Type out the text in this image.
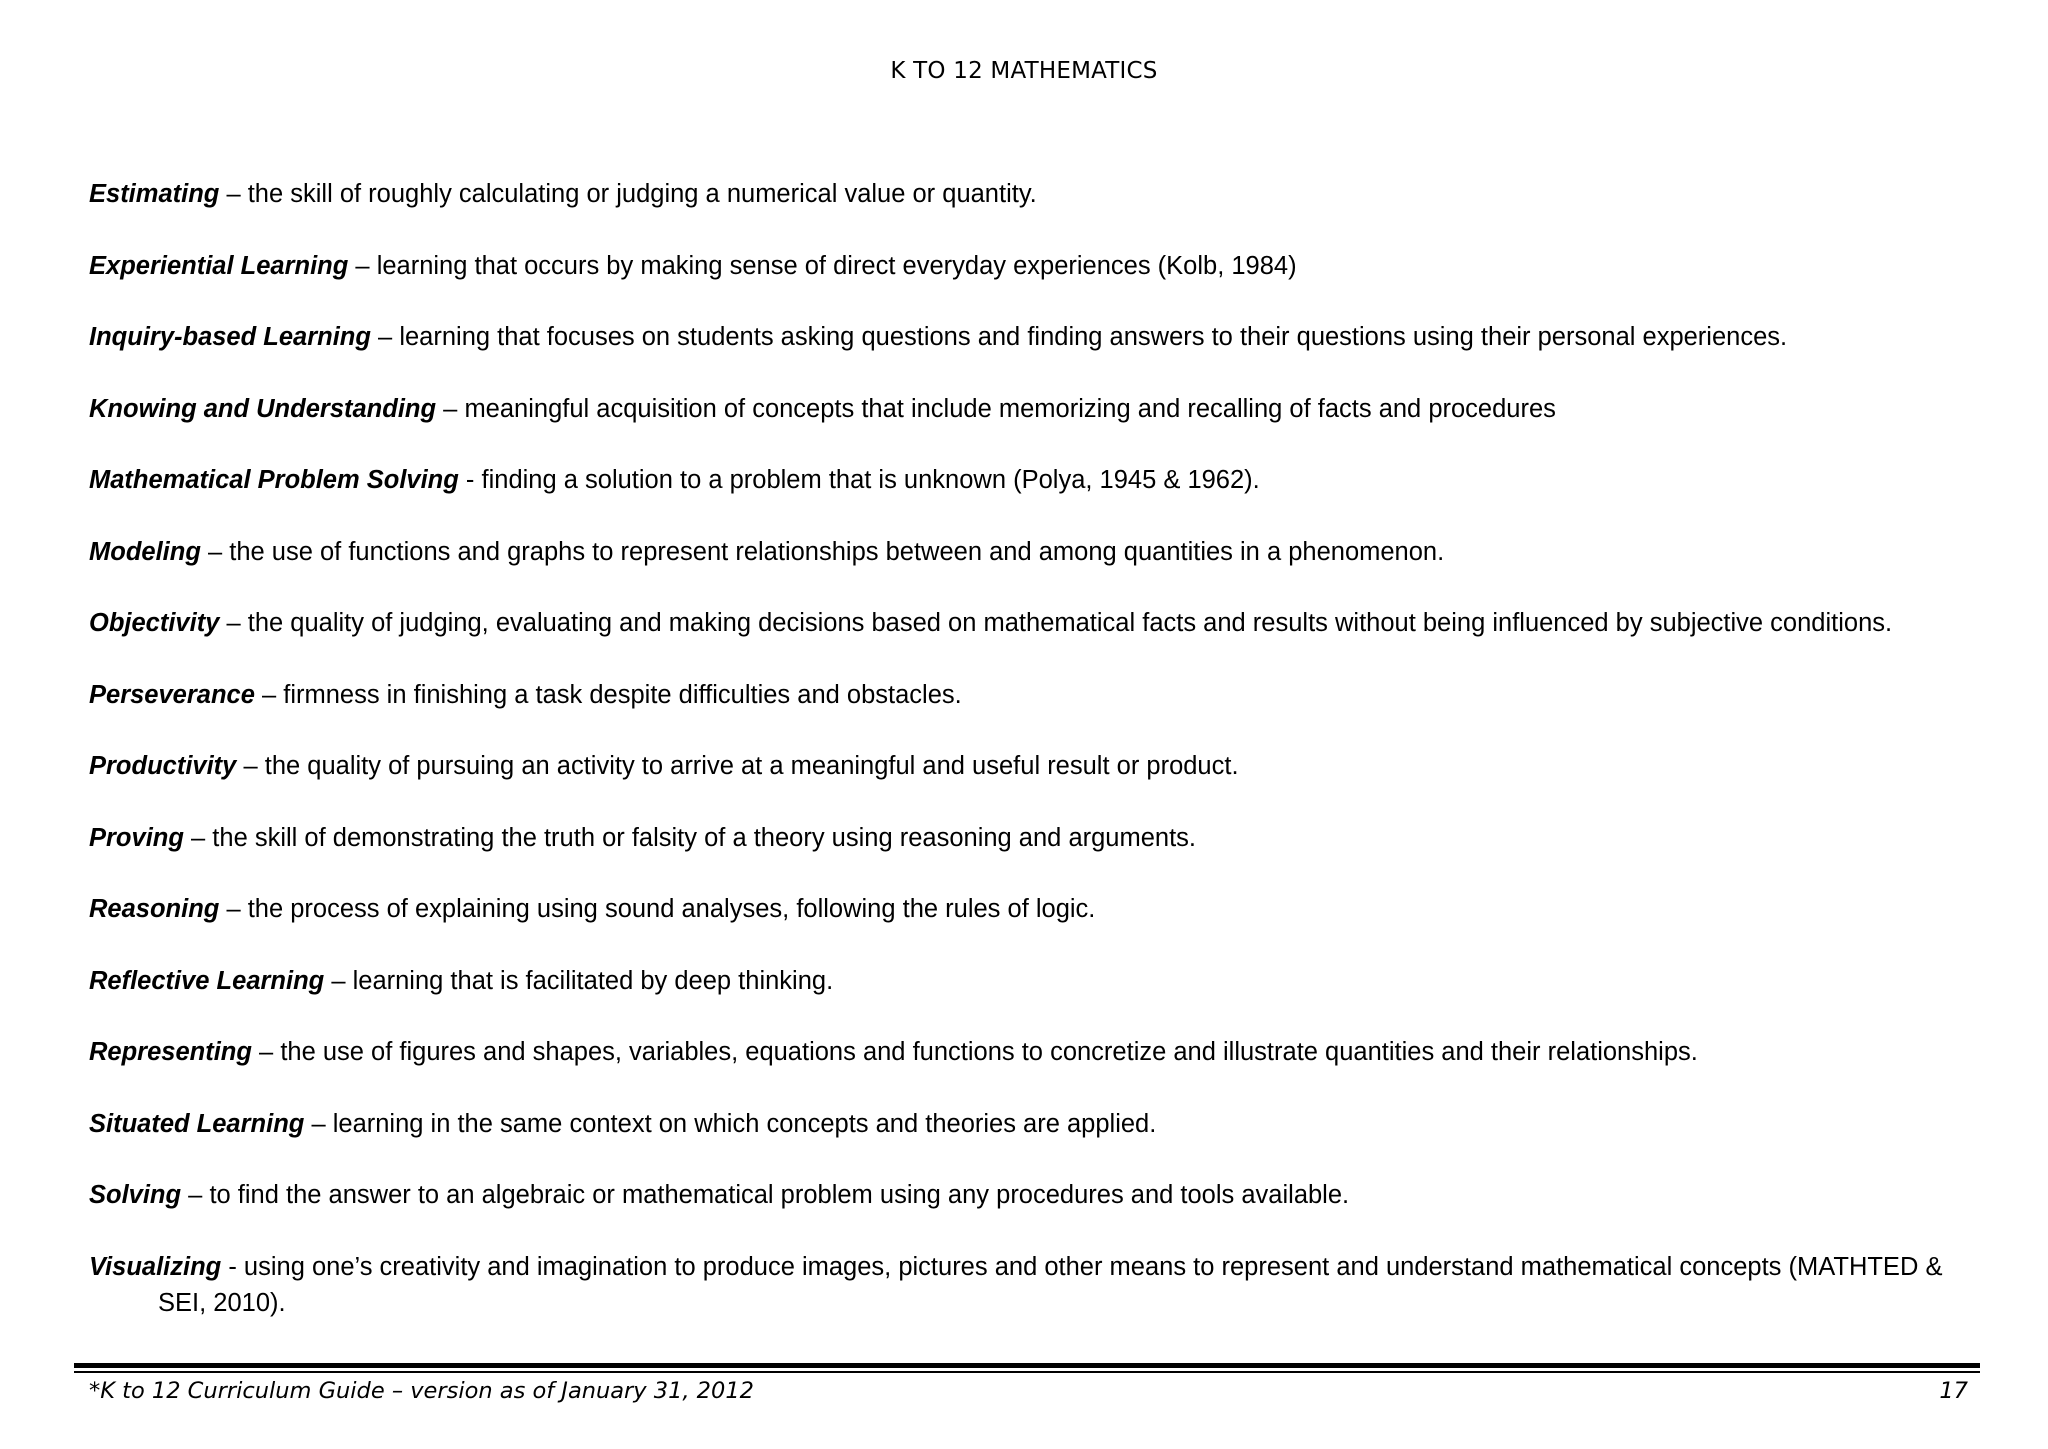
K TO 12 MATHEMATICS
Estimating – the skill of roughly calculating or judging a numerical value or quantity.
Experiential Learning – learning that occurs by making sense of direct everyday experiences (Kolb, 1984)
Inquiry-based Learning – learning that focuses on students asking questions and finding answers to their questions using their personal experiences.
Knowing and Understanding – meaningful acquisition of concepts that include memorizing and recalling of facts and procedures
Mathematical Problem Solving - finding a solution to a problem that is unknown (Polya, 1945 & 1962).
Modeling – the use of functions and graphs to represent relationships between and among quantities in a phenomenon.
Objectivity – the quality of judging, evaluating and making decisions based on mathematical facts and results without being influenced by subjective conditions.
Perseverance – firmness in finishing a task despite difficulties and obstacles.
Productivity – the quality of pursuing an activity to arrive at a meaningful and useful result or product.
Proving – the skill of demonstrating the truth or falsity of a theory using reasoning and arguments.
Reasoning – the process of explaining using sound analyses, following the rules of logic.
Reflective Learning – learning that is facilitated by deep thinking.
Representing – the use of figures and shapes, variables, equations and functions to concretize and illustrate quantities and their relationships.
Situated Learning – learning in the same context on which concepts and theories are applied.
Solving – to find the answer to an algebraic or mathematical problem using any procedures and tools available.
Visualizing - using one’s creativity and imagination to produce images, pictures and other means to represent and understand mathematical concepts (MATHTED & SEI, 2010).
*K to 12 Curriculum Guide – version as of January 31, 2012	17
